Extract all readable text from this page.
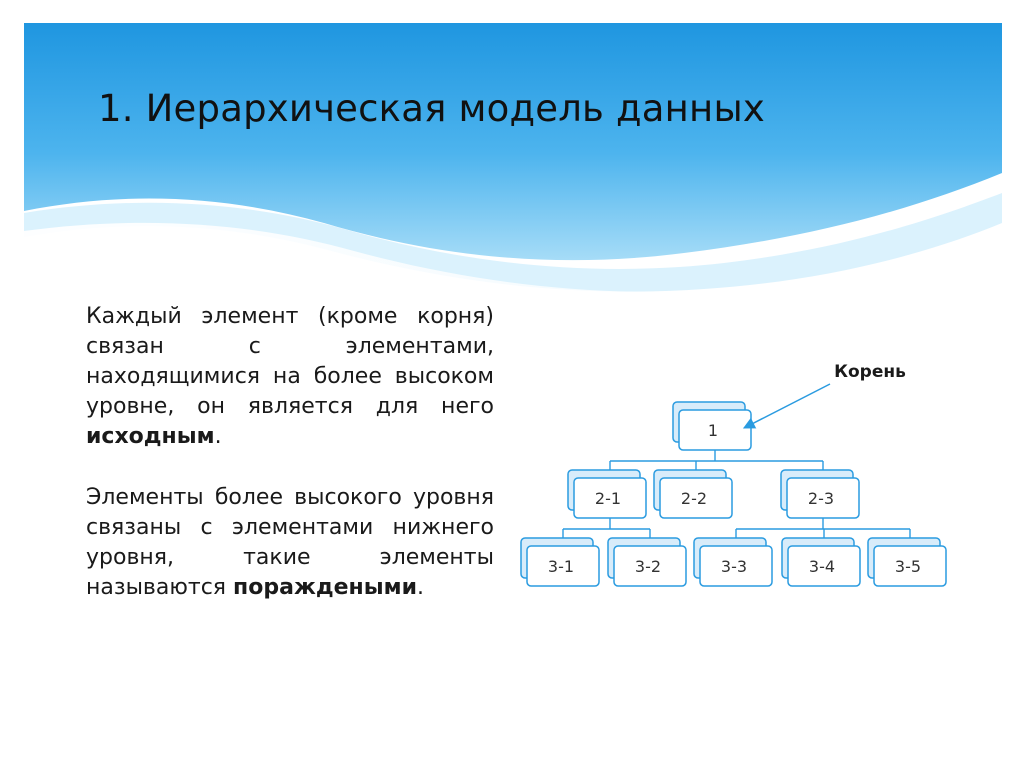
1. Иерархическая модель данных

Каждый элемент (кроме корня) связан с элементами, находящимися на более высоком уровне, он является для него исходным.

Элементы более высокого уровня связаны с элементами нижнего уровня, такие элементы называются пораждеными.

1
2-1	2-2	2-3
3-1	3-2	3-3	3-4	3-5
Корень
